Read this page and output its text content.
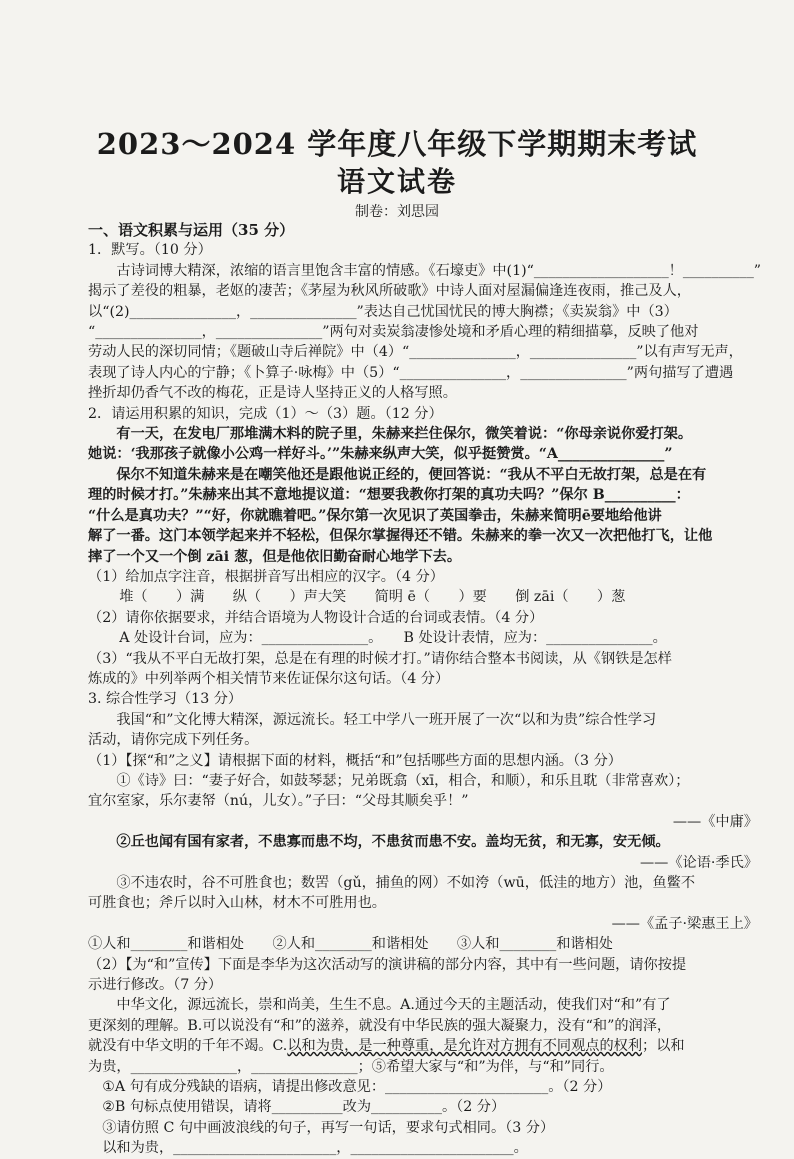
2023～2024 学年度八年级下学期期末考试
语文试卷
制卷：刘思园

一、语文积累与运用（35 分）

1．默写。（10 分）

古诗词博大精深，浓缩的语言里饱含丰富的情感。《石壕吏》中(1)“___________________！__________”

揭示了差役的粗暴，老妪的凄苦；《茅屋为秋风所破歌》中诗人面对屋漏偏逢连夜雨，推己及人，

以“(2)_______________，_______________”表达自己忧国忧民的博大胸襟；《卖炭翁》中（3）

“_______________，_______________”两句对卖炭翁凄惨处境和矛盾心理的精细描摹，反映了他对

劳动人民的深切同情；《题破山寺后禅院》中（4）“_______________，_______________”以有声写无声，

表现了诗人内心的宁静；《卜算子·咏梅》中（5）“_______________，_______________”两句描写了遭遇

挫折却仍香气不改的梅花，正是诗人坚持正义的人格写照。

2．请运用积累的知识，完成（1）～（3）题。（12 分）

有一天，在发电厂那堆满木料的院子里，朱赫来拦住保尔，微笑着说：“你母亲说你爱打架。

她说：‘我那孩子就像小公鸡一样好斗。’”朱赫来纵声大笑，似乎挺赞赏。“A_______________”

保尔不知道朱赫来是在嘲笑他还是跟他说正经的，便回答说：“我从不平白无故打架，总是在有

理的时候才打。”朱赫来出其不意地提议道：“想要我教你打架的真功夫吗？”保尔 B__________：

“什么是真功夫？”“好，你就瞧着吧。”保尔第一次见识了英国拳击，朱赫来简明ē要地给他讲

解了一番。这门本领学起来并不轻松，但保尔掌握得还不错。朱赫来的拳一次又一次把他打飞，让他

摔了一个又一个倒 zāi 葱，但是他依旧勤奋耐心地学下去。

（1）给加点字注音，根据拼音写出相应的汉字。（4 分）

堆（　　）满　　纵（　　）声大笑　　简明 ē（　　）要　　倒 zāi（　　）葱

（2）请你依据要求，并结合语境为人物设计合适的台词或表情。（4 分）

A 处设计台词，应为：_______________。　　B 处设计表情，应为：_______________。

（3）“我从不平白无故打架，总是在有理的时候才打。”请你结合整本书阅读，从《钢铁是怎样

炼成的》中列举两个相关情节来佐证保尔这句话。（4 分）

3. 综合性学习（13 分）

我国“和”文化博大精深，源远流长。轻工中学八一班开展了一次“以和为贵”综合性学习

活动，请你完成下列任务。

（1）【探“和”之义】请根据下面的材料，概括“和”包括哪些方面的思想内涵。（3 分）

①《诗》曰：“妻子好合，如鼓琴瑟；兄弟既翕（xī，相合，和顺），和乐且耽（非常喜欢）；

宜尔室家，乐尔妻帑（nú，儿女）。”子曰：“父母其顺矣乎！”

——《中庸》

②丘也闻有国有家者，不患寡而患不均，不患贫而患不安。盖均无贫，和无寡，安无倾。

——《论语·季氏》

③不违农时，谷不可胜食也；数罟（gǔ，捕鱼的网）不如洿（wū，低洼的地方）池，鱼鳖不

可胜食也；斧斤以时入山林，材木不可胜用也。

——《孟子·梁惠王上》

①人和________和谐相处　　②人和________和谐相处　　③人和________和谐相处

（2）【为“和”宣传】下面是李华为这次活动写的演讲稿的部分内容，其中有一些问题，请你按提

示进行修改。（7 分）

中华文化，源远流长，崇和尚美，生生不息。A.通过今天的主题活动，使我们对“和”有了

更深刻的理解。B.可以说没有“和”的滋养，就没有中华民族的强大凝聚力，没有“和”的润泽，

就没有中华文明的千年不竭。C.以和为贵，是一种尊重，是允许对方拥有不同观点的权利；以和

为贵，_______________，_______________；⑤希望大家与“和”为伴，与“和”同行。

①A 句有成分残缺的语病，请提出修改意见：_______________________。（2 分）

②B 句标点使用错误，请将__________改为__________。（2 分）

③请仿照 C 句中画波浪线的句子，再写一句话，要求句式相同。（3 分）

以和为贵，_______________________，_______________________。
